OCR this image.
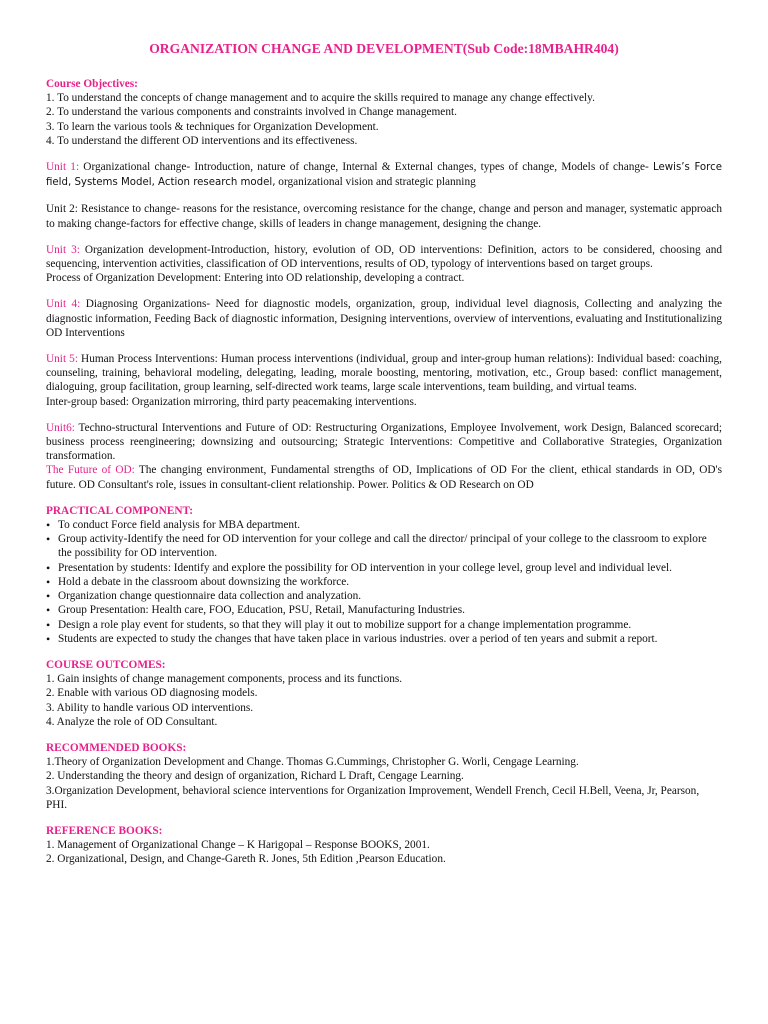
ORGANIZATION CHANGE AND DEVELOPMENT(Sub Code:18MBAHR404)

Course Objectives:

1. To understand the concepts of change management and to acquire the skills required to manage any change effectively.

2. To understand the various components and constraints involved in Change management.

3. To learn the various tools & techniques for Organization Development.

4. To understand the different OD interventions and its effectiveness.

Unit 1: Organizational change- Introduction, nature of change, Internal & External changes, types of change, Models of change- Lewis’s Force field, Systems Model, Action research model, organizational vision and strategic planning

Unit 2: Resistance to change- reasons for the resistance, overcoming resistance for the change, change and person and manager, systematic approach to making change-factors for effective change, skills of leaders in change management, designing the change.

Unit 3: Organization development-Introduction, history, evolution of OD, OD interventions: Definition, actors to be considered, choosing and sequencing, intervention activities, classification of OD interventions, results of OD, typology of interventions based on target groups.

Process of Organization Development: Entering into OD relationship, developing a contract.

Unit 4: Diagnosing Organizations- Need for diagnostic models, organization, group, individual level diagnosis, Collecting and analyzing the diagnostic information, Feeding Back of diagnostic information, Designing interventions, overview of interventions, evaluating and Institutionalizing OD Interventions

Unit 5: Human Process Interventions: Human process interventions (individual, group and inter-group human relations): Individual based: coaching, counseling, training, behavioral modeling, delegating, leading, morale boosting, mentoring, motivation, etc., Group based: conflict management, dialoguing, group facilitation, group learning, self-directed work teams, large scale interventions, team building, and virtual teams.

Inter-group based: Organization mirroring, third party peacemaking interventions.

Unit6: Techno-structural Interventions and Future of OD: Restructuring Organizations, Employee Involvement, work Design, Balanced scorecard; business process reengineering; downsizing and outsourcing; Strategic Interventions: Competitive and Collaborative Strategies, Organization transformation.

The Future of OD: The changing environment, Fundamental strengths of OD, Implications of OD For the client, ethical standards in OD, OD's future. OD Consultant's role, issues in consultant-client relationship. Power. Politics & OD Research on OD

PRACTICAL COMPONENT:

• To conduct Force field analysis for MBA department.
• Group activity-Identify the need for OD intervention for your college and call the director/ principal of your college to the classroom to explore the possibility for OD intervention.
• Presentation by students: Identify and explore the possibility for OD intervention in your college level, group level and individual level.
• Hold a debate in the classroom about downsizing the workforce.
• Organization change questionnaire data collection and analyzation.
• Group Presentation: Health care, FOO, Education, PSU, Retail, Manufacturing Industries.
• Design a role play event for students, so that they will play it out to mobilize support for a change implementation programme.
• Students are expected to study the changes that have taken place in various industries. over a period of ten years and submit a report.

COURSE OUTCOMES:

1. Gain insights of change management components, process and its functions.

2. Enable with various OD diagnosing models.

3. Ability to handle various OD interventions.

4. Analyze the role of OD Consultant.

RECOMMENDED BOOKS:

1.Theory of Organization Development and Change. Thomas G.Cummings, Christopher G. Worli, Cengage Learning.

2. Understanding the theory and design of organization, Richard L Draft, Cengage Learning.

3.Organization Development, behavioral science interventions for Organization Improvement, Wendell French, Cecil H.Bell, Veena, Jr, Pearson, PHI.

REFERENCE BOOKS:

1. Management of Organizational Change – K Harigopal – Response BOOKS, 2001.

2. Organizational, Design, and Change-Gareth R. Jones, 5th Edition ,Pearson Education.
